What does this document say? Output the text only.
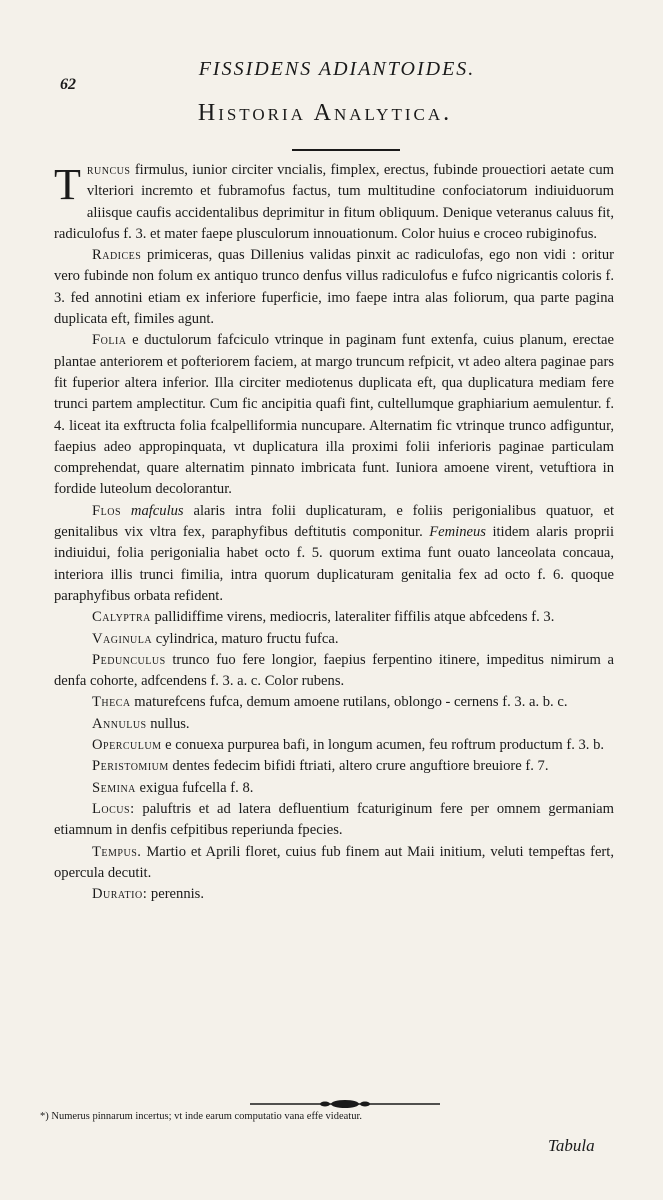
62
FISSIDENS ADIANTOIDES.
Historia Analytica.

Truncus firmulus, iunior circiter vncialis, fimplex, erectus, fubinde prouectiori aetate cum vlteriori incremto et fubramofus factus, tum multitudine confociatorum indiuiduorum aliisque caufis accidentalibus deprimitur in fitum obliquum. Denique veteranus caluus fit, radiculofus f. 3. et mater faepe plusculorum innouationum. Color huius e croceo rubiginofus.

Radices primiceras, quas Dillenius validas pinxit ac radiculofas, ego non vidi : oritur vero fubinde non folum ex antiquo trunco denfus villus radiculofus e fufco nigricantis coloris f. 3. fed annotini etiam ex inferiore fuperficie, imo faepe intra alas foliorum, qua parte pagina duplicata eft, fimiles agunt.

Folia e ductulorum fafciculo vtrinque in paginam funt extenfa, cuius planum, erectae plantae anteriorem et pofteriorem faciem, at margo truncum refpicit, vt adeo altera paginae pars fit fuperior altera inferior. Illa circiter mediotenus duplicata eft, qua duplicatura mediam fere trunci partem amplectitur. Cum fic ancipitia quafi fint, cultellumque graphiarium aemulentur. f. 4. liceat ita exftructa folia fcalpelliformia nuncupare. Alternatim fic vtrinque trunco adfiguntur, faepius adeo appropinquata, vt duplicatura illa proximi folii inferioris paginae particulam comprehendat, quare alternatim pinnato imbricata funt. Iuniora amoene virent, vetuftiora in fordide luteolum decolorantur.

Flos mafculus alaris intra folii duplicaturam, e foliis perigonialibus quatuor, et genitalibus vix vltra fex, paraphyfibus deftitutis componitur. Femineus itidem alaris proprii indiuidui, folia perigonialia habet octo f. 5. quorum extima funt ouato lanceolata concaua, interiora illis trunci fimilia, intra quorum duplicaturam genitalia fex ad octo f. 6. quoque paraphyfibus orbata refident.

Calyptra pallidiffime virens, mediocris, lateraliter fiffilis atque abfcedens f. 3.

Vaginula cylindrica, maturo fructu fufca.

Pedunculus trunco fuo fere longior, faepius ferpentino itinere, impeditus nimirum a denfa cohorte, adfcendens f. 3. a. c. Color rubens.

Theca maturefcens fufca, demum amoene rutilans, oblongo - cernens f. 3. a. b. c.

Annulus nullus.

Operculum e conuexa purpurea bafi, in longum acumen, feu roftrum productum f. 3. b.

Peristomium dentes fedecim bifidi ftriati, altero crure anguftiore breuiore f. 7.

Semina exigua fufcella f. 8.

Locus: paluftris et ad latera defluentium fcaturiginum fere per omnem germaniam etiamnum in denfis cefpitibus reperiunda fpecies.

Tempus. Martio et Aprili floret, cuius fub finem aut Maii initium, veluti tempeftas fert, opercula decutit.

Duratio: perennis.

*) Numerus pinnarum incertus; vt inde earum computatio vana effe videatur.
Tabula
